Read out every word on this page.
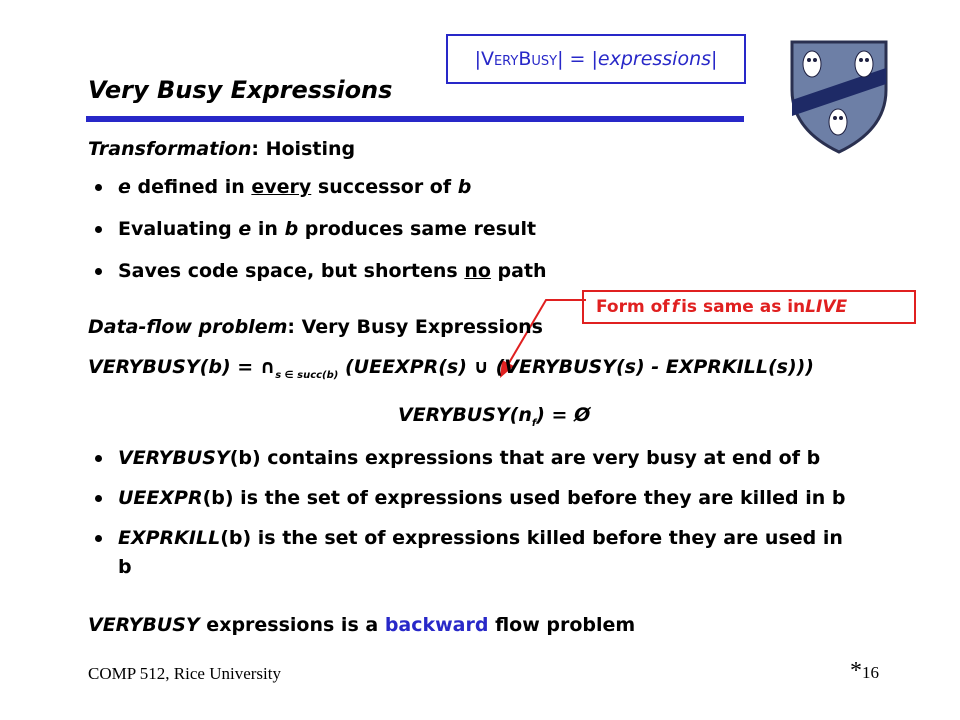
| VeryBusy | = | expressions |
Very Busy Expressions
Transformation: Hoisting
e defined in every successor of b
Evaluating e in b produces same result
Saves code space, but shortens no path
Form of f is same as in LIVE
Data-flow problem: Very Busy Expressions
VERYBUSY(b) = $\cap_{s \in succ(b)}$ (UEEXPR(s) ∪ (VERYBUSY(s) - EXPRKILL(s)))
$VERYBUSY(n_f)$ = Ø
VERYBUSY(b) contains expressions that are very busy at end of b
UEEXPR(b) is the set of expressions used before they are killed in b
EXPRKILL(b) is the set of expressions killed before they are used in
b
VERYBUSY expressions is a backward flow problem
COMP 512, Rice University	*16
